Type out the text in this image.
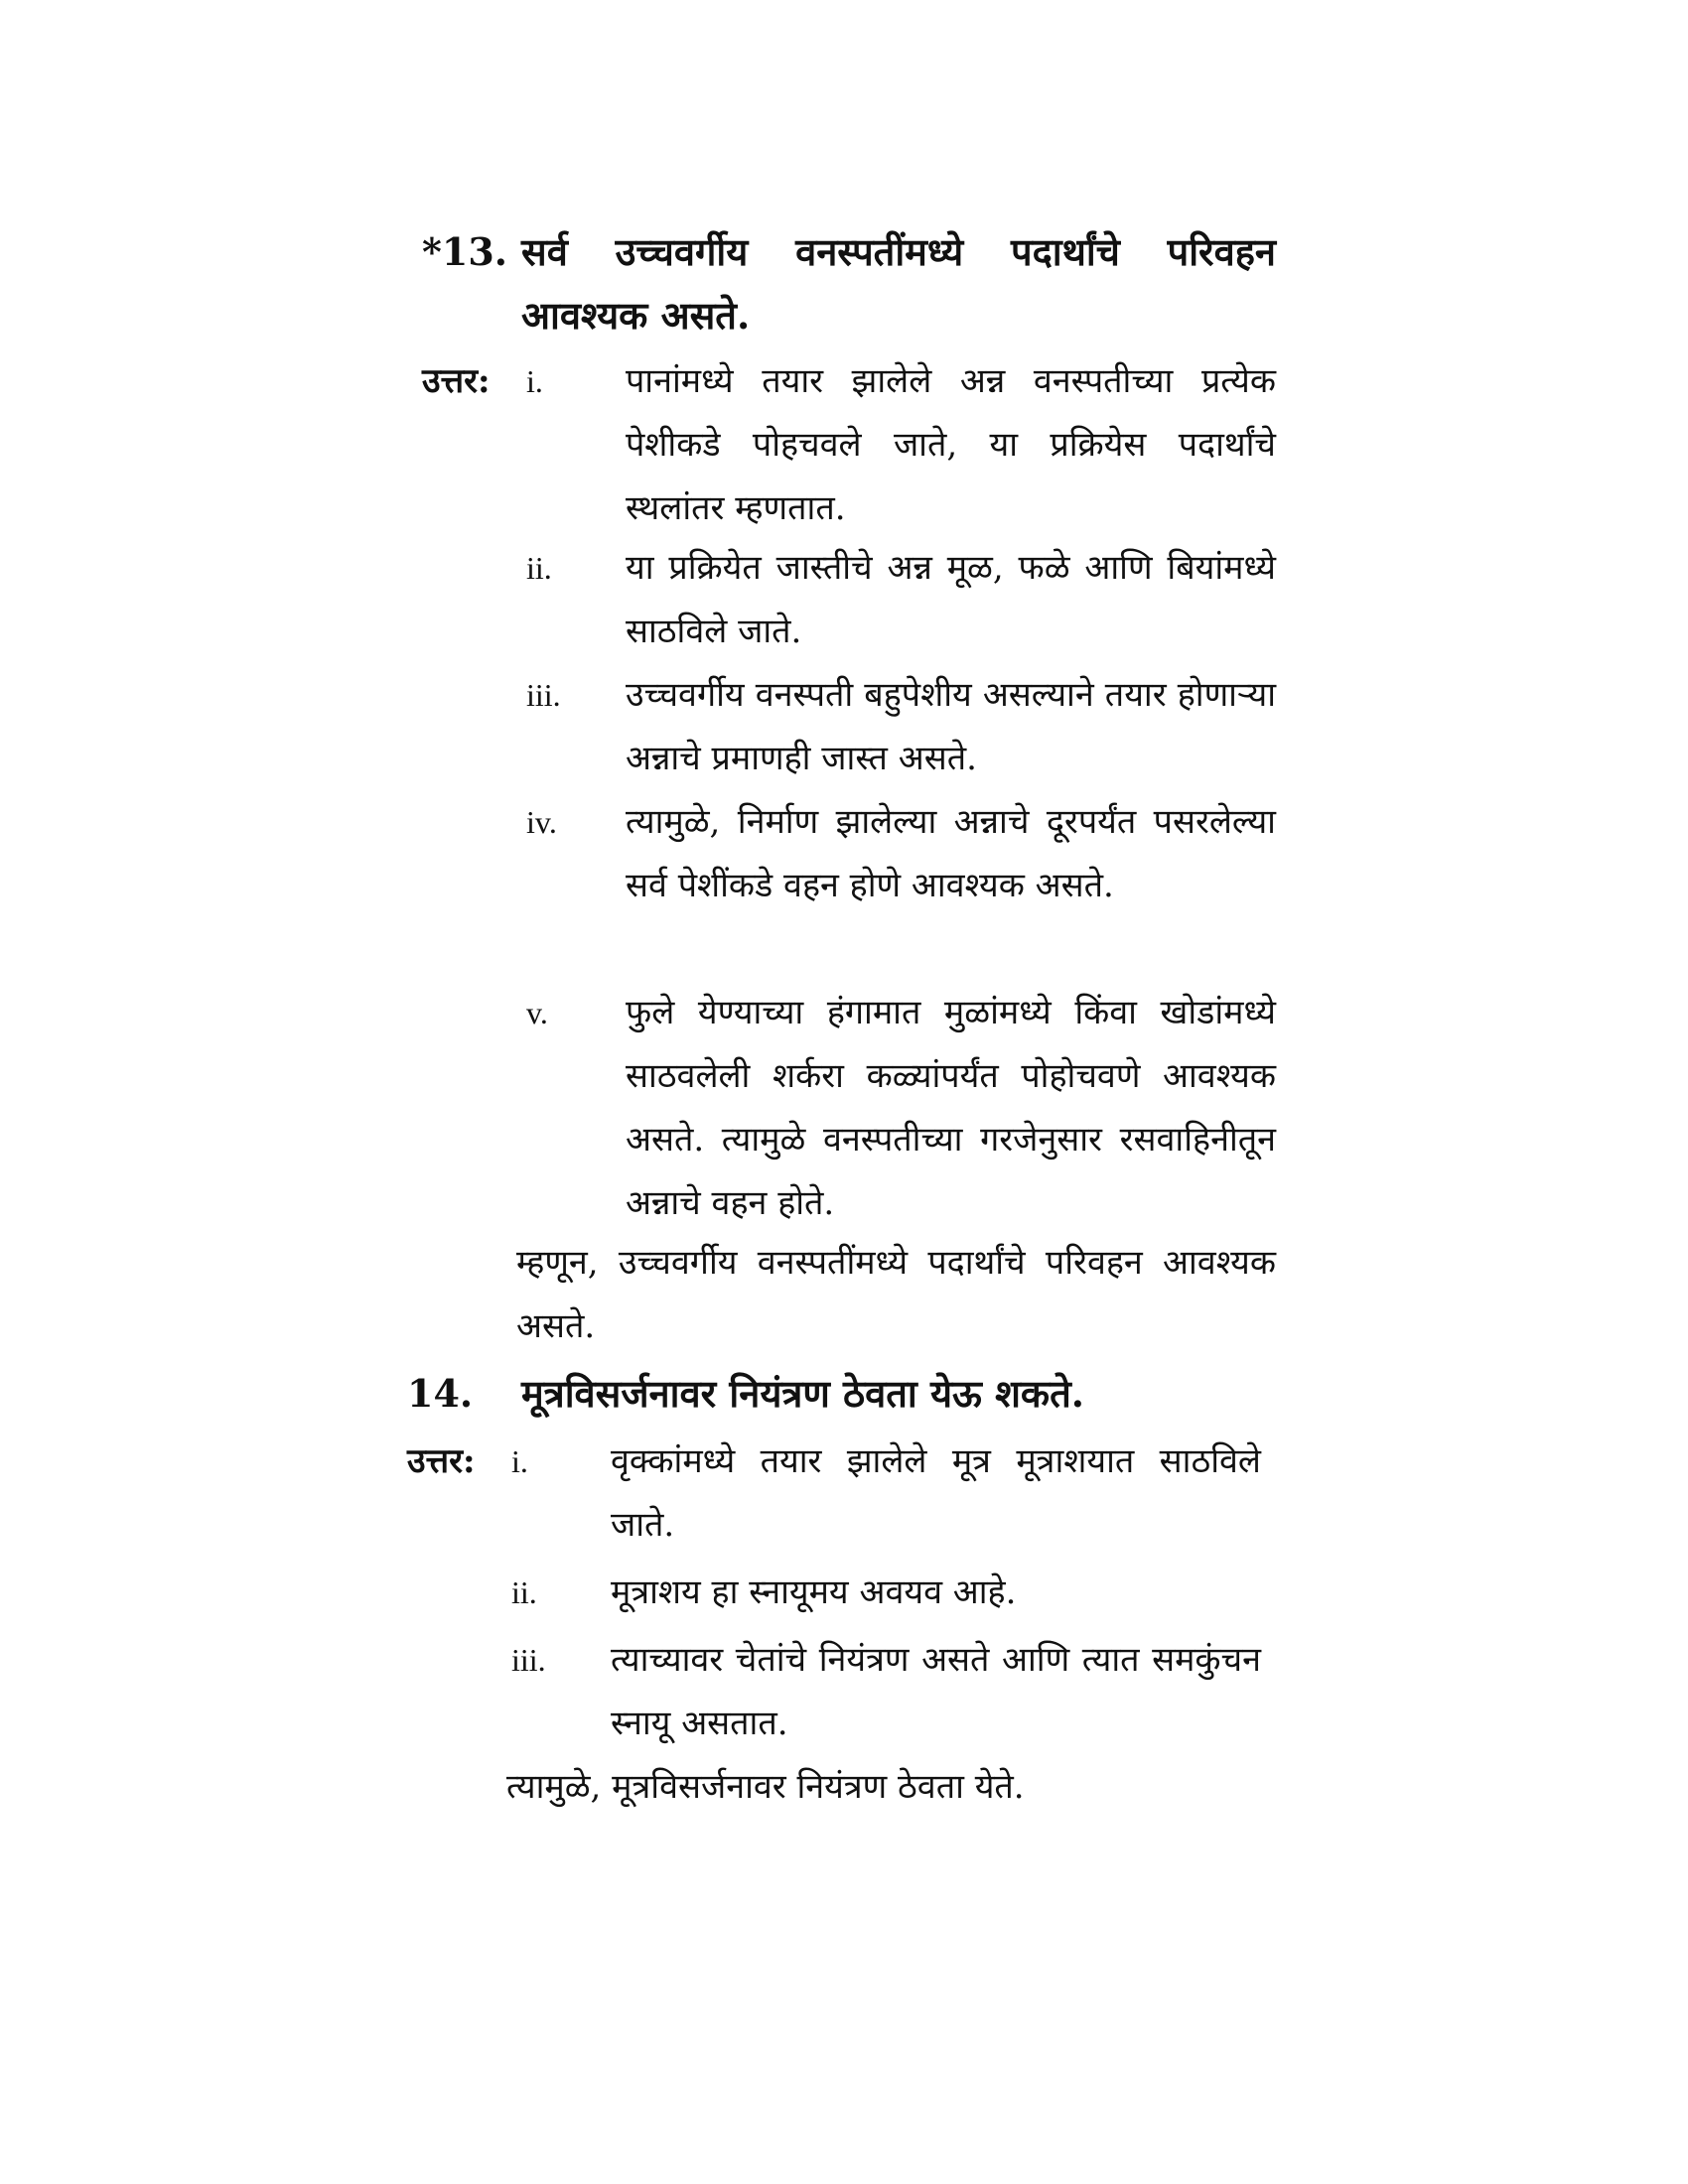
*13. सर्व उच्चवर्गीय वनस्पतींमध्ये पदार्थांचे परिवहन आवश्यक असते.
उत्तर:	i.	पानांमध्ये तयार झालेले अन्न वनस्पतीच्या प्रत्येक पेशीकडे पोहचवले जाते, या प्रक्रियेस पदार्थांचे स्थलांतर म्हणतात.
ii.	या प्रक्रियेत जास्तीचे अन्न मूळ, फळे आणि बियांमध्ये साठविले जाते.
iii.	उच्चवर्गीय वनस्पती बहुपेशीय असल्याने तयार होणाऱ्या अन्नाचे प्रमाणही जास्त असते.
iv.	त्यामुळे, निर्माण झालेल्या अन्नाचे दूरपर्यंत पसरलेल्या सर्व पेशींकडे वहन होणे आवश्यक असते.
v.	फुले येण्याच्या हंगामात मुळांमध्ये किंवा खोडांमध्ये साठवलेली शर्करा कळ्यांपर्यंत पोहोचवणे आवश्यक असते. त्यामुळे वनस्पतीच्या गरजेनुसार रसवाहिनीतून अन्नाचे वहन होते.
म्हणून, उच्चवर्गीय वनस्पतींमध्ये पदार्थांचे परिवहन आवश्यक असते.
14.	मूत्रविसर्जनावर नियंत्रण ठेवता येऊ शकते.
उत्तर:	i.	वृक्कांमध्ये तयार झालेले मूत्र मूत्राशयात साठविले जाते.
ii.	मूत्राशय हा स्नायूमय अवयव आहे.
iii.	त्याच्यावर चेतांचे नियंत्रण असते आणि त्यात समकुंचन स्नायू असतात.
त्यामुळे, मूत्रविसर्जनावर नियंत्रण ठेवता येते.
